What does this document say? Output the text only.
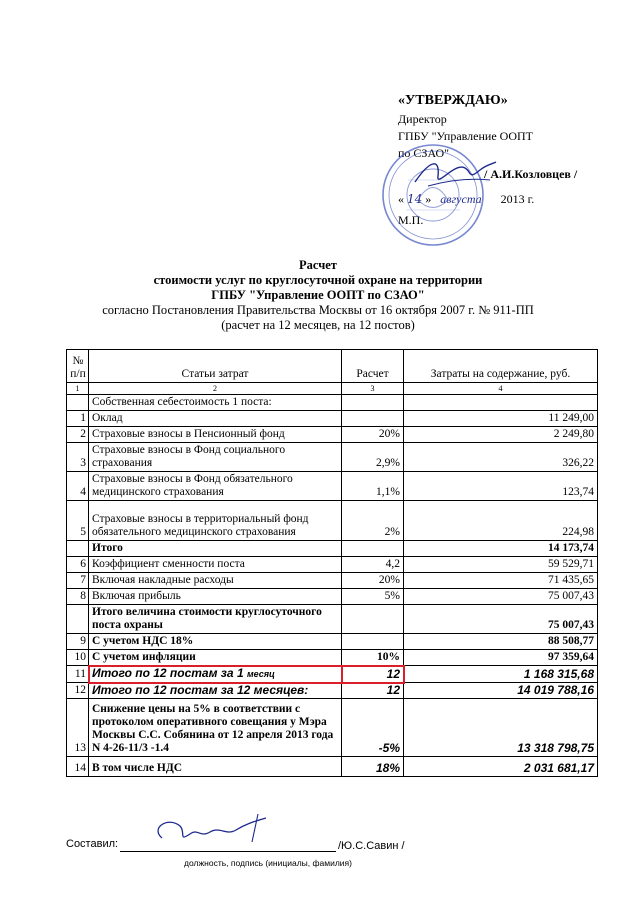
«УТВЕРЖДАЮ»
Директор
ГПБУ "Управление ООПТ
по СЗАО"
/ А.И.Козловцев /
« 14 » августа 2013 г.
М.П.
Расчет
стоимости услуг по круглосуточной охране на территории
ГПБУ "Управление ООПТ по СЗАО"
согласно Постановления Правительства Москвы от 16 октября 2007 г. № 911-ПП
(расчет на 12 месяцев, на 12 постов)
№ п/п	Статьи затрат	Расчет	Затраты на содержание, руб.
1	2	3	4
	Собственная себестоимость 1 поста:		
1	Оклад		11 249,00
2	Страховые взносы в Пенсионный фонд	20%	2 249,80
3	Страховые взносы в Фонд социального страхования	2,9%	326,22
4	Страховые взносы в Фонд обязательного медицинского страхования	1,1%	123,74
5	Страховые взносы в территориальный фонд обязательного медицинского страхования	2%	224,98
	Итого		14 173,74
6	Коэффициент сменности поста	4,2	59 529,71
7	Включая накладные расходы	20%	71 435,65
8	Включая прибыль	5%	75 007,43
	Итого величина стоимости круглосуточного поста охраны		75 007,43
9	С учетом НДС 18%		88 508,77
10	С учетом инфляции	10%	97 359,64
11	Итого по 12 постам за 1 месяц	12	1 168 315,68
12	Итого по 12 постам за 12 месяцев:	12	14 019 788,16
13	Снижение цены на 5% в соответствии с протоколом оперативного совещания у Мэра Москвы С.С. Собянина от 12 апреля 2013 года N 4-26-11/3 -1.4	-5%	13 318 798,75
14	В том числе НДС	18%	2 031 681,17
Составил:	/Ю.С.Савин /
должность, подпись (инициалы, фамилия)
